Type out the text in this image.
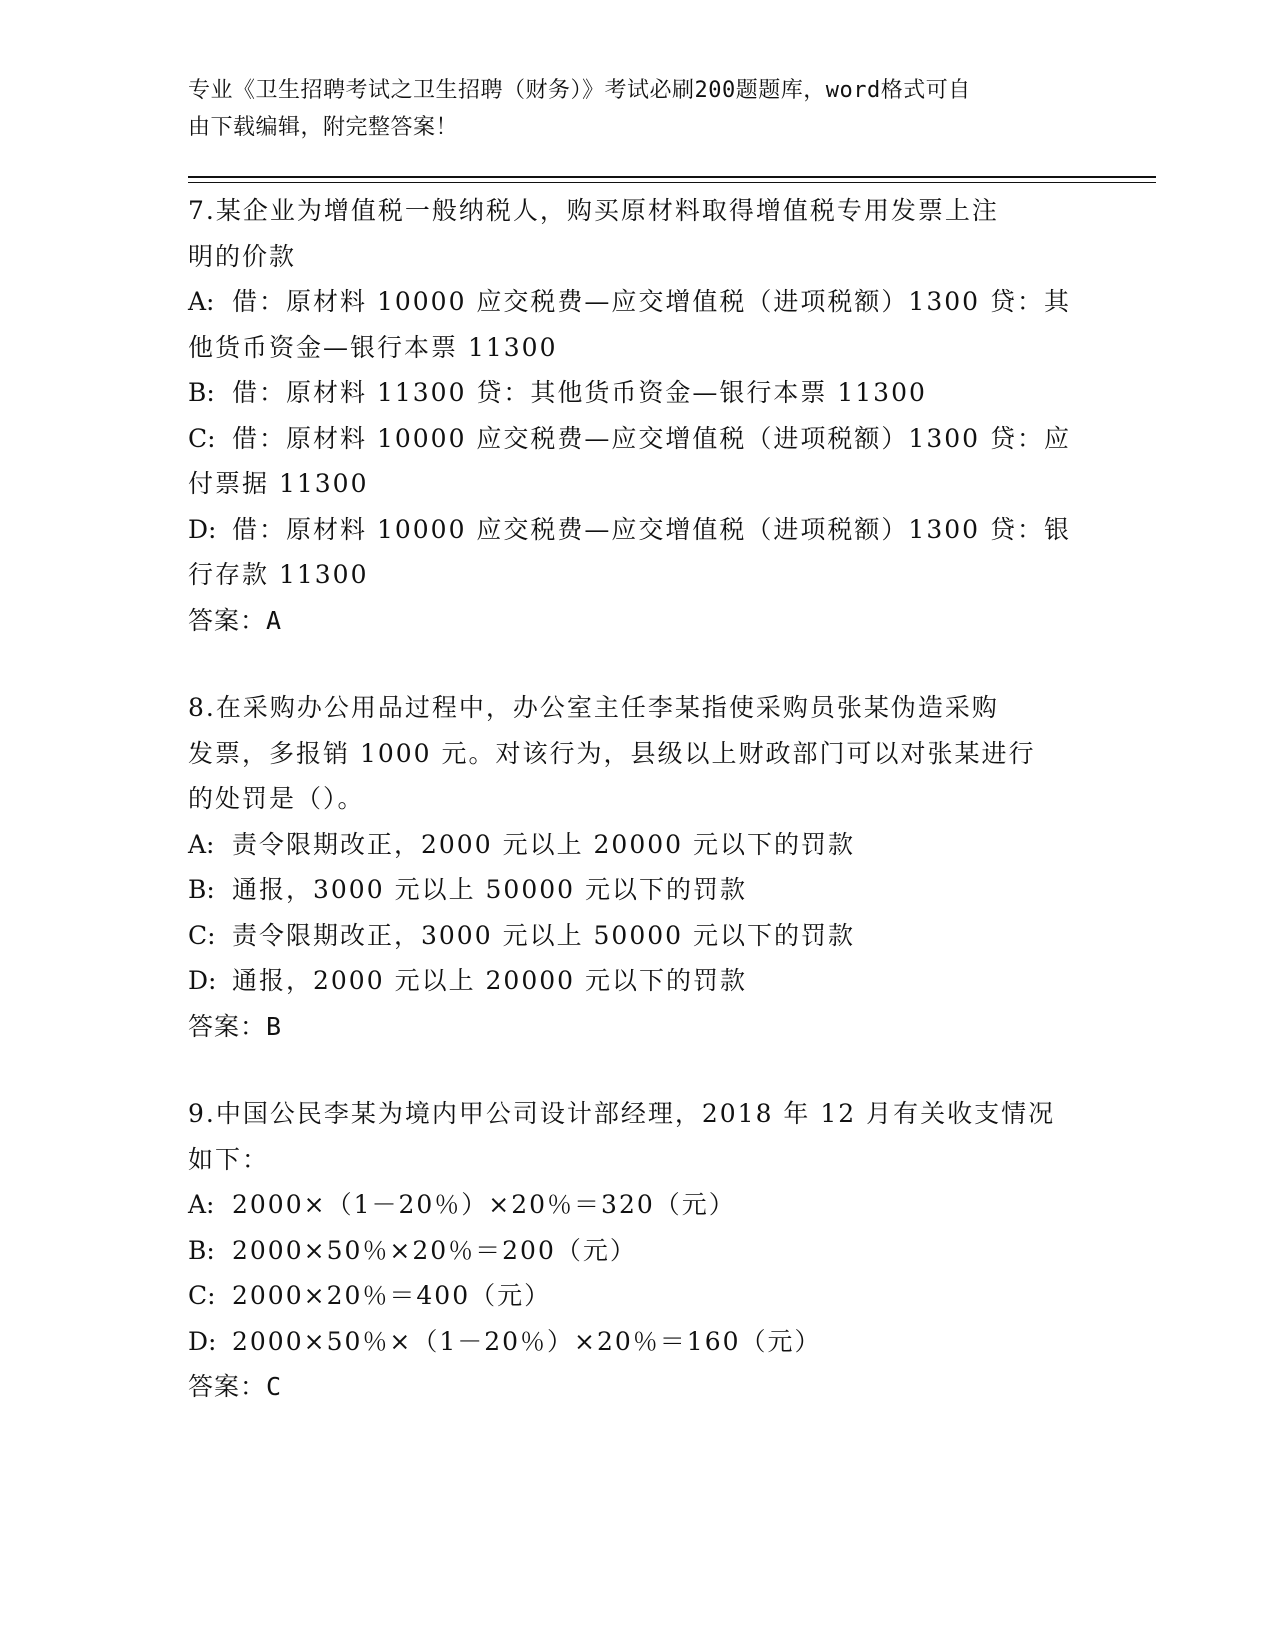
专业《卫生招聘考试之卫生招聘（财务）》考试必刷200题题库，word格式可自
由下载编辑，附完整答案！
7.某企业为增值税一般纳税人，购买原材料取得增值税专用发票上注
明的价款
A: 借：原材料 10000 应交税费—应交增值税（进项税额）1300 贷：其
他货币资金—银行本票 11300
B: 借：原材料 11300 贷：其他货币资金—银行本票 11300
C: 借：原材料 10000 应交税费—应交增值税（进项税额）1300 贷：应
付票据 11300
D: 借：原材料 10000 应交税费—应交增值税（进项税额）1300 贷：银
行存款 11300
答案：A
8.在采购办公用品过程中，办公室主任李某指使采购员张某伪造采购
发票，多报销 1000 元。对该行为，县级以上财政部门可以对张某进行
的处罚是（）。
A: 责令限期改正，2000 元以上 20000 元以下的罚款
B: 通报，3000 元以上 50000 元以下的罚款
C: 责令限期改正，3000 元以上 50000 元以下的罚款
D: 通报，2000 元以上 20000 元以下的罚款
答案：B
9.中国公民李某为境内甲公司设计部经理，2018 年 12 月有关收支情况
如下：
A: 2000×（1－20％）×20％＝320（元）
B: 2000×50％×20％＝200（元）
C: 2000×20％＝400（元）
D: 2000×50％×（1－20％）×20％＝160（元）
答案：C
